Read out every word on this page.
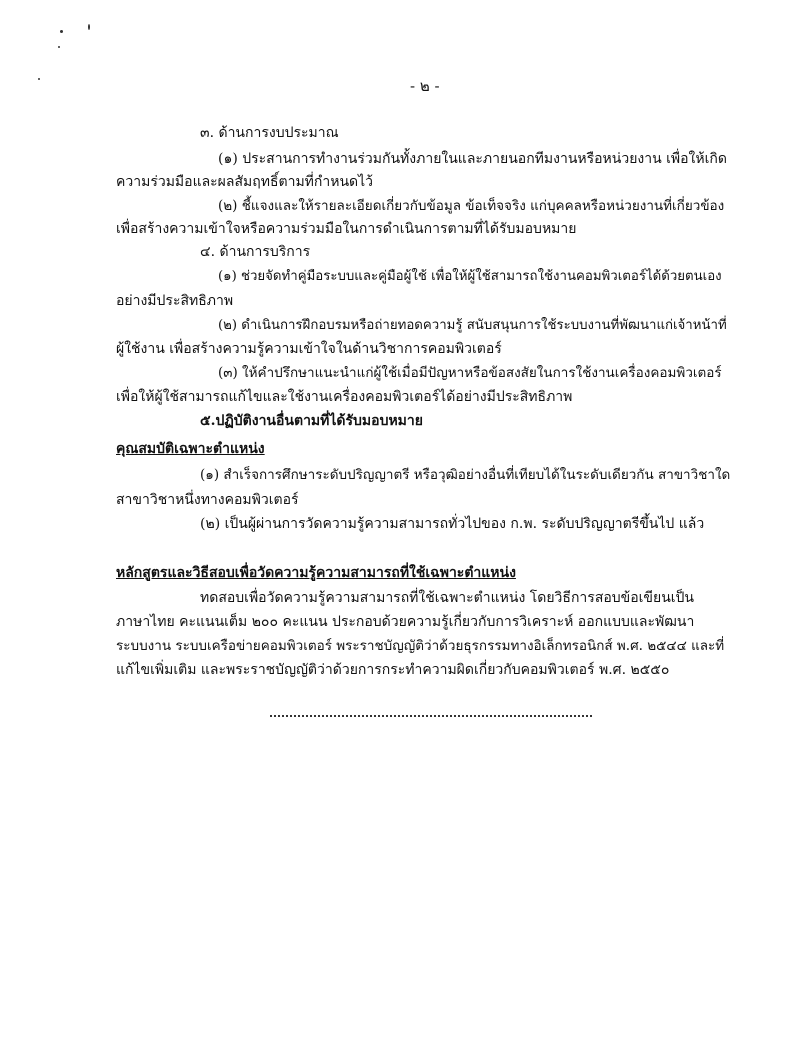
- ๒ -
๓. ด้านการงบประมาณ
(๑) ประสานการทำงานร่วมกันทั้งภายในและภายนอกทีมงานหรือหน่วยงาน เพื่อให้เกิด
ความร่วมมือและผลสัมฤทธิ์ตามที่กำหนดไว้
(๒) ชี้แจงและให้รายละเอียดเกี่ยวกับข้อมูล ข้อเท็จจริง แก่บุคคลหรือหน่วยงานที่เกี่ยวข้อง
เพื่อสร้างความเข้าใจหรือความร่วมมือในการดำเนินการตามที่ได้รับมอบหมาย
๔. ด้านการบริการ
(๑) ช่วยจัดทำคู่มือระบบและคู่มือผู้ใช้ เพื่อให้ผู้ใช้สามารถใช้งานคอมพิวเตอร์ได้ด้วยตนเอง
อย่างมีประสิทธิภาพ
(๒) ดำเนินการฝึกอบรมหรือถ่ายทอดความรู้ สนับสนุนการใช้ระบบงานที่พัฒนาแก่เจ้าหน้าที่
ผู้ใช้งาน เพื่อสร้างความรู้ความเข้าใจในด้านวิชาการคอมพิวเตอร์
(๓) ให้คำปรึกษาแนะนำแก่ผู้ใช้เมื่อมีปัญหาหรือข้อสงสัยในการใช้งานเครื่องคอมพิวเตอร์
เพื่อให้ผู้ใช้สามารถแก้ไขและใช้งานเครื่องคอมพิวเตอร์ได้อย่างมีประสิทธิภาพ
๕.ปฏิบัติงานอื่นตามที่ได้รับมอบหมาย
คุณสมบัติเฉพาะตำแหน่ง
(๑) สำเร็จการศึกษาระดับปริญญาตรี หรือวุฒิอย่างอื่นที่เทียบได้ในระดับเดียวกัน สาขาวิชาใด
สาขาวิชาหนึ่งทางคอมพิวเตอร์
(๒) เป็นผู้ผ่านการวัดความรู้ความสามารถทั่วไปของ ก.พ. ระดับปริญญาตรีขึ้นไป แล้ว
หลักสูตรและวิธีสอบเพื่อวัดความรู้ความสามารถที่ใช้เฉพาะตำแหน่ง
ทดสอบเพื่อวัดความรู้ความสามารถที่ใช้เฉพาะตำแหน่ง โดยวิธีการสอบข้อเขียนเป็น
ภาษาไทย คะแนนเต็ม ๒๐๐ คะแนน ประกอบด้วยความรู้เกี่ยวกับการวิเคราะห์ ออกแบบและพัฒนา
ระบบงาน ระบบเครือข่ายคอมพิวเตอร์ พระราชบัญญัติว่าด้วยธุรกรรมทางอิเล็กทรอนิกส์ พ.ศ. ๒๕๔๔ และที่
แก้ไขเพิ่มเติม และพระราชบัญญัติว่าด้วยการกระทำความผิดเกี่ยวกับคอมพิวเตอร์ พ.ศ. ๒๕๕๐
